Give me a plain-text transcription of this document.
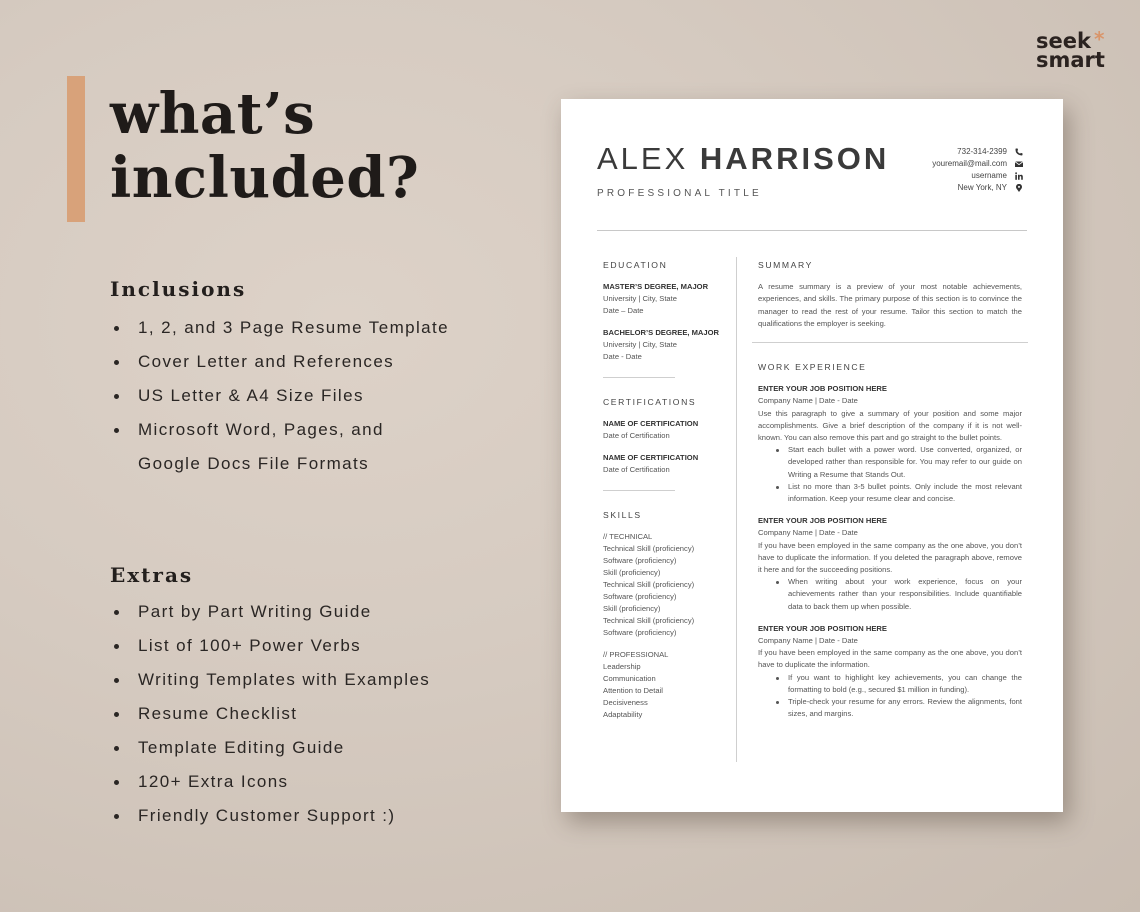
what’s
included?
seek *
smart
Inclusions
1, 2, and 3 Page Resume Template
Cover Letter and References
US Letter & A4 Size Files
Microsoft Word, Pages, and
Google Docs File Formats
Extras
Part by Part Writing Guide
List of 100+ Power Verbs
Writing Templates with Examples
Resume Checklist
Template Editing Guide
120+ Extra Icons
Friendly Customer Support :)
ALEX HARRISON
PROFESSIONAL TITLE
732-314-2399
youremail@mail.com
username
New York, NY
EDUCATION
MASTER’S DEGREE, MAJOR
University | City, State
Date – Date
BACHELOR’S DEGREE, MAJOR
University | City, State
Date - Date
CERTIFICATIONS
NAME OF CERTIFICATION
Date of Certification
NAME OF CERTIFICATION
Date of Certification
SKILLS
// TECHNICAL
Technical Skill (proficiency)
Software (proficiency)
Skill (proficiency)
Technical Skill (proficiency)
Software (proficiency)
Skill (proficiency)
Technical Skill (proficiency)
Software (proficiency)
// PROFESSIONAL
Leadership
Communication
Attention to Detail
Decisiveness
Adaptability
SUMMARY

A resume summary is a preview of your most notable achievements, experiences, and skills. The primary purpose of this section is to convince the manager to read the rest of your resume. Tailor this section to match the qualifications the employer is seeking.

WORK EXPERIENCE
ENTER YOUR JOB POSITION HERE
Company Name | Date - Date

Use this paragraph to give a summary of your position and some major accomplishments. Give a brief description of the company if it is not well-known. You can also remove this part and go straight to the bullet points.

Start each bullet with a power word. Use converted, organized, or developed rather than responsible for. You may refer to our guide on Writing a Resume that Stands Out.

List no more than 3-5 bullet points. Only include the most relevant information. Keep your resume clear and concise.

ENTER YOUR JOB POSITION HERE
Company Name | Date - Date

If you have been employed in the same company as the one above, you don’t have to duplicate the information. If you deleted the paragraph above, remove it here and for the succeeding positions.

When writing about your work experience, focus on your achievements rather than your responsibilities. Include quantifiable data to back them up when possible.

ENTER YOUR JOB POSITION HERE
Company Name | Date - Date

If you have been employed in the same company as the one above, you don’t have to duplicate the information.

If you want to highlight key achievements, you can change the formatting to bold (e.g., secured $1 million in funding).

Triple-check your resume for any errors. Review the alignments, font sizes, and margins.
